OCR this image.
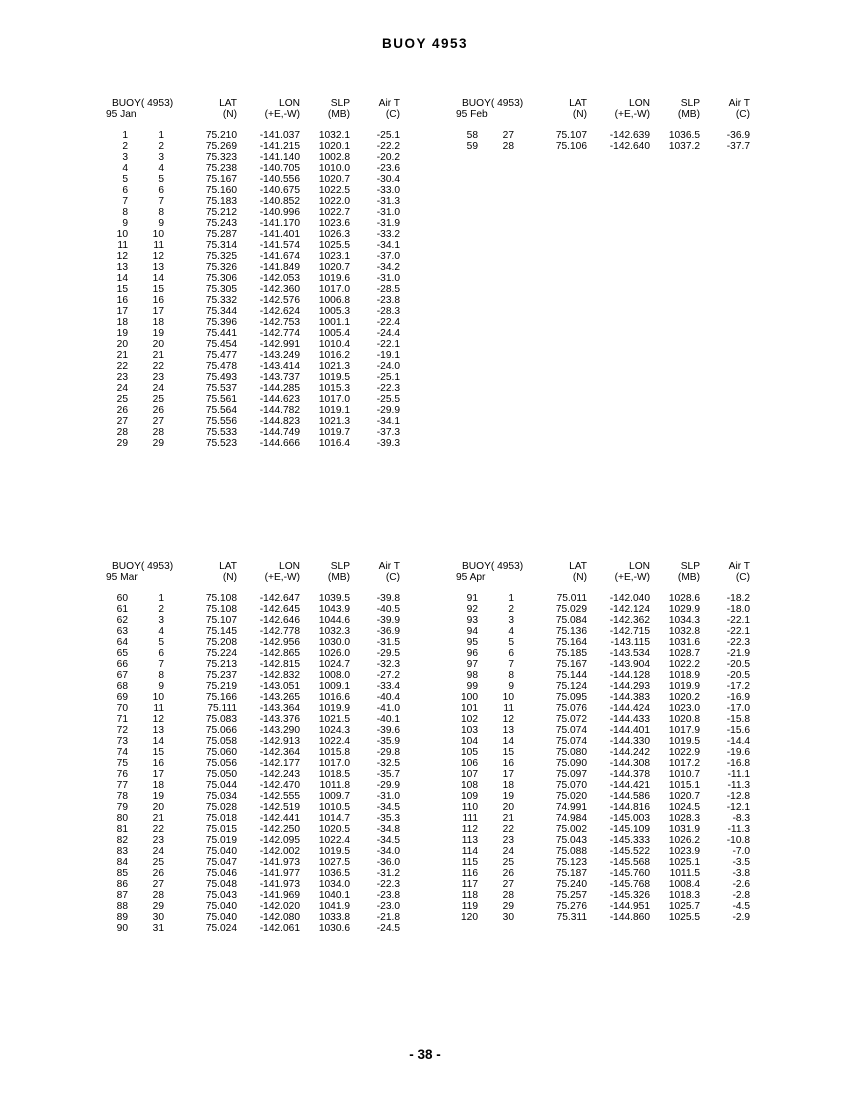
BUOY 4953
BUOY( 4953)	LAT	LON	SLP	Air T
95 Jan	(N)	(+E,-W)	(MB)	(C)
1	1	75.210 -141.037 1032.1	-25.1
2	2	75.269 -141.215 1020.1	-22.2
3	3	75.323 -141.140 1002.8	-20.2
4	4	75.238 -140.705 1010.0	-23.6
5	5	75.167 -140.556 1020.7	-30.4
6	6	75.160 -140.675 1022.5	-33.0
7	7	75.183 -140.852 1022.0	-31.3
8	8	75.212 -140.996 1022.7	-31.0
9	9	75.243 -141.170 1023.6	-31.9
10 10	75.287 -141.401 1026.3	-33.2
11 11	75.314 -141.574 1025.5	-34.1
12 12	75.325 -141.674 1023.1	-37.0
13 13	75.326 -141.849 1020.7	-34.2
14 14	75.306 -142.053 1019.6	-31.0
15 15	75.305 -142.360 1017.0	-28.5
16 16	75.332 -142.576 1006.8	-23.8
17 17	75.344 -142.624 1005.3	-28.3
18 18	75.396 -142.753 1001.1	-22.4
19 19	75.441 -142.774 1005.4	-24.4
20 20	75.454 -142.991 1010.4	-22.1
21 21	75.477 -143.249 1016.2	-19.1
22 22	75.478 -143.414 1021.3	-24.0
23 23	75.493 -143.737 1019.5	-25.1
24 24	75.537 -144.285 1015.3	-22.3
25 25	75.561 -144.623 1017.0	-25.5
26 26	75.564 -144.782 1019.1	-29.9
27 27	75.556 -144.823 1021.3	-34.1
28 28	75.533 -144.749 1019.7	-37.3
29 29	75.523 -144.666 1016.4	-39.3
BUOY( 4953)	LAT	LON	SLP	Air T
95 Feb	(N)	(+E,-W)	(MB)	(C)
58 27	75.107 -142.639 1036.5	-36.9
59 28	75.106 -142.640 1037.2	-37.7
BUOY( 4953)	LAT	LON	SLP	Air T
95 Mar	(N)	(+E,-W)	(MB)	(C)
60	1	75.108 -142.647 1039.5	-39.8
61	2	75.108 -142.645 1043.9	-40.5
62	3	75.107 -142.646 1044.6	-39.9
63	4	75.145 -142.778 1032.3	-36.9
64	5	75.208 -142.956 1030.0	-31.5
65	6	75.224 -142.865 1026.0	-29.5
66	7	75.213 -142.815 1024.7	-32.3
67	8	75.237 -142.832 1008.0	-27.2
68	9	75.219 -143.051 1009.1	-33.4
69 10	75.166 -143.265 1016.6	-40.4
70 11	75.111 -143.364 1019.9	-41.0
71 12	75.083 -143.376 1021.5	-40.1
72 13	75.066 -143.290 1024.3	-39.6
73 14	75.058 -142.913 1022.4	-35.9
74 15	75.060 -142.364 1015.8	-29.8
75 16	75.056 -142.177 1017.0	-32.5
76 17	75.050 -142.243 1018.5	-35.7
77 18	75.044 -142.470 1011.8	-29.9
78 19	75.034 -142.555 1009.7	-31.0
79 20	75.028 -142.519 1010.5	-34.5
80 21	75.018 -142.441 1014.7	-35.3
81 22	75.015 -142.250 1020.5	-34.8
82 23	75.019 -142.095 1022.4	-34.5
83 24	75.040 -142.002 1019.5	-34.0
84 25	75.047 -141.973 1027.5	-36.0
85 26	75.046 -141.977 1036.5	-31.2
86 27	75.048 -141.973 1034.0	-22.3
87 28	75.043 -141.969 1040.1	-23.8
88 29	75.040 -142.020 1041.9	-23.0
89 30	75.040 -142.080 1033.8	-21.8
90 31	75.024 -142.061 1030.6	-24.5
BUOY( 4953)	LAT	LON	SLP	Air T
95 Apr	(N)	(+E,-W)	(MB)	(C)
91	1	75.011 -142.040 1028.6	-18.2
92	2	75.029 -142.124 1029.9	-18.0
93	3	75.084 -142.362 1034.3	-22.1
94	4	75.136 -142.715 1032.8	-22.1
95	5	75.164 -143.115 1031.6	-22.3
96	6	75.185 -143.534 1028.7	-21.9
97	7	75.167 -143.904 1022.2	-20.5
98	8	75.144 -144.128 1018.9	-20.5
99	9	75.124 -144.293 1019.9	-17.2
100 10	75.095 -144.383 1020.2	-16.9
101 11	75.076 -144.424 1023.0	-17.0
102 12	75.072 -144.433 1020.8	-15.8
103 13	75.074 -144.401 1017.9	-15.6
104 14	75.074 -144.330 1019.5	-14.4
105 15	75.080 -144.242 1022.9	-19.6
106 16	75.090 -144.308 1017.2	-16.8
107 17	75.097 -144.378 1010.7	-11.1
108 18	75.070 -144.421 1015.1	-11.3
109 19	75.020 -144.586 1020.7	-12.8
110 20	74.991 -144.816 1024.5	-12.1
111 21	74.984 -145.003 1028.3	-8.3
112 22	75.002 -145.109 1031.9	-11.3
113 23	75.043 -145.333 1026.2	-10.8
114 24	75.088 -145.522 1023.9	-7.0
115 25	75.123 -145.568 1025.1	-3.5
116 26	75.187 -145.760 1011.5	-3.8
117 27	75.240 -145.768 1008.4	-2.6
118 28	75.257 -145.326 1018.3	-2.8
119 29	75.276 -144.951 1025.7	-4.5
120 30	75.311 -144.860 1025.5	-2.9
- 38 -
